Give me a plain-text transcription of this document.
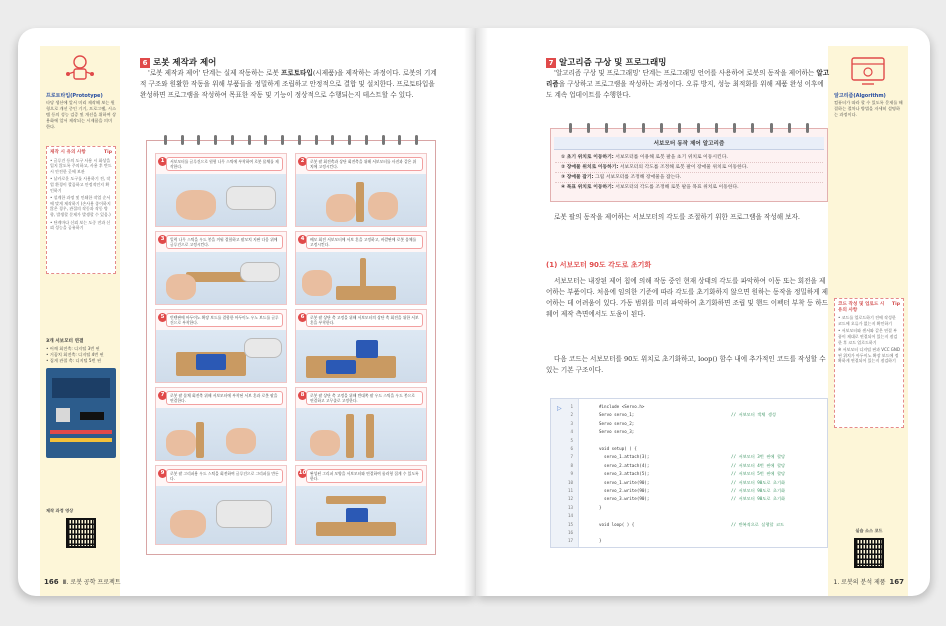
프로토타입(Prototype)
타당 생산에 앞서 미리 제작해 보는 원형으로 개선 중인 기기, 프로그램, 시스템 등의 성능 검증 및 개선을 위하여 상용화에 앞서 제작되는 시제품을 의미한다.
제작 시 유의 사항	Tip
• 글루건 등의 도구 사용 시 화상을 입지 않도록 주의하고, 사용 후 반드시 안전한 곳에 보관
• 날카로운 도구를 사용하기 전, 작업 환경이 깔끔하고 안정적인지 확인하기
• 설계한 과정 및 인쇄한 작업 순서에 맞게 제작하기 (손사용 종이하지 않은 경우, 관절의 작동과 작동 방향, 발생할 문제가 발생할 수 있음.)
• 단계마다 신뢰 보는 도중 전과 신뢰 성능을 공유하기
3개 서보모터 연결
• 어깨 회전축: 디지털 3번 핀
• 거꿈치 회전축: 디지털 4번 핀
• 집게 관절 축: 디지털 5번 핀
제작 과정 영상
6 로봇 제작과 제어
'로봇 제작과 제어' 단계는 실제 작동하는 로봇 프로토타입(시제품)을 제작하는 과정이다. 로봇의 기계적 구조와 원활한 작동을 위해 부품들을 정밀하게 조립하고 안정적으로 결합 및 설치한다. 프로토타입을 완성하면 프로그램을 작성하여 목표한 작동 및 기능이 정상적으로 수행되는지 테스트할 수 있다.
1	서보모터를 글루건으로 원형 나무 스틱에 부착하여 로봇 몸체를 제작한다.
2	로봇 팔 회전축과 상단 회전축을 위해 서보모터를 사진과 같은 위치에 고정시킨다.
3	일력 나무 스틱을 우드 봉을 끼워 결합하고 팔모치 지판 다음 위에 글루건으로 고정시킨다.
4	배모 회전 서보모터에 서보 혼을 고정하고, 바깥판에 로봇 몸체를 고정시킨다.
5	빈텐판에 아두이노 확장 보드를 결합한 아두이노 우노 보드를 글루건으로 부착한다.
6	로봇 팔 상단 축 고정을 위해 서보모터의 상단 축 회전을 위한 서보 혼을 부착한다.
7	로봇 팔 몸체 회전축 위해 서보모터에 부착된 서보 혼과 로봇 팔을 연결한다.
8	로봇 팔 상단 축 고정을 위해 반대쪽 팔 우드 스틱을 우드 봉으로 연결하고 고무줄로 고정한다.
9	로봇 팔 그리퍼용 우드 스틱을 회전하여 글루건으로 그리퍼를 만든다.
10 완성된 그리퍼 모양을 서보모터와 연결하여 롤러형 집게 수 있도록 한다.
166 Ⅲ. 로봇 공학 프로젝트
알고리즘(Algorithm)
컴퓨터가 따라 할 수 있도록 문제를 해결하는 절차나 방법을 자세히 설명하는 과정이다.
코드 작성 및 업로드 시 유의 사항
Tip
• 코드를 업로드하기 전에 작성한 코드에 오류가 없는지 확인하기
• 서보모터와 센서와 같은 연결 부품이 제대로 연결되어 있는지 점검한 후 코드 업로드하기
※ 서보모터 디지털 핀과 VCC GND 핀 위치가 아두이노 확장 보드에 정확하게 연결되어 있는지 점검하기
실습 소스 코드
7 알고리즘 구상 및 프로그래밍
'알고리즘 구상 및 프로그래밍' 단계는 프로그래밍 언어를 사용하여 로봇의 동작을 제어하는 알고리즘을 구상하고 프로그램을 작성하는 과정이다. 오류 방지, 성능 최적화를 위해 제품 완성 이후에도 계속 업데이트를 수행한다.
서보모터 동작 제어 알고리즘
① 초기 위치로 이동하기: 서보모터를 이용해 로봇 팔을 초기 위치로 이동시킨다.
② 장애물 위치로 이동하기: 서보모터의 각도를 조정해 로봇 팔이 장애물 위치로 이동한다.
③ 장애물 잡기: 그립 서보모터를 조정해 장애물을 잡는다.
④ 목표 위치로 이동하기: 서보모터의 각도를 조정해 로봇 팔을 목표 위치로 이동한다.
로봇 팔의 동작을 제어하는 서보모터의 각도를 조절하기 위한 프로그램을 작성해 보자.
(1) 서보모터 90도 각도로 초기화
서보모터는 내장된 제어 칩에 의해 작동 중인 현재 상태의 각도를 파악하여 이동 또는 회전을 제어하는 부품이다. 처음에 임의한 기준에 따라 각도를 초기화하지 않으면 원하는 동작을 정밀하게 제어하는 데 어려움이 있다. 가동 범위를 미리 파악하여 초기화하면 조립 및 핸드 이펙터 부착 등 하드웨어 제작 측면에서도 도움이 된다.
다음 코드는 서보모터를 90도 위치로 초기화하고, loop() 함수 내에 추가적인 코드를 작성할 수 있는 기본 구조이다.
▷	1	#include <Servo.h>
2	Servo servo_1;	// 서보모터 객체 생성
3	Servo servo_2;
4	Servo servo_3;
5
6	void setup( ) {
7	servo_1.attach(3);	// 서보모터 3번 핀에 할당
8	servo_2.attach(4);	// 서보모터 4번 핀에 할당
9	servo_3.attach(5);	// 서보모터 5번 핀에 할당
10	servo_1.write(90);	// 서보모터 90도로 초기화
11	servo_2.write(90);	// 서보모터 90도로 초기화
12	servo_3.write(90);	// 서보모터 90도로 초기화
13	}
14
15	void loop( ) {	// 반복적으로 실행할 코드
16
17	}
1. 로봇의 분석 제품 167
